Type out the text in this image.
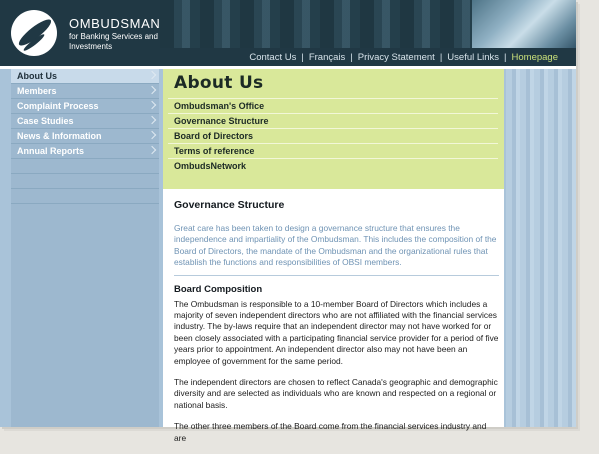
OMBUDSMAN
for Banking Services and Investments
Contact Us | Français | Privacy Statement | Useful Links | Homepage
About Us
Members
Complaint Process
Case Studies
News & Information
Annual Reports
About Us
Ombudsman's Office
Governance Structure
Board of Directors
Terms of reference
OmbudsNetwork
Governance Structure

Great care has been taken to design a governance structure that ensures the independence and impartiality of the Ombudsman. This includes the composition of the Board of Directors, the mandate of the Ombudsman and the organizational rules that establish the functions and responsibilities of OBSI members.

Board Composition

The Ombudsman is responsible to a 10-member Board of Directors which includes a majority of seven independent directors who are not affiliated with the financial services industry. The by-laws require that an independent director may not have worked for or been closely associated with a participating financial service provider for a period of five years prior to appointment. An independent director also may not have been an employee of government for the same period.

The independent directors are chosen to reflect Canada's geographic and demographic diversity and are selected as individuals who are known and respected on a regional or national basis.

The other three members of the Board come from the financial services industry and are
